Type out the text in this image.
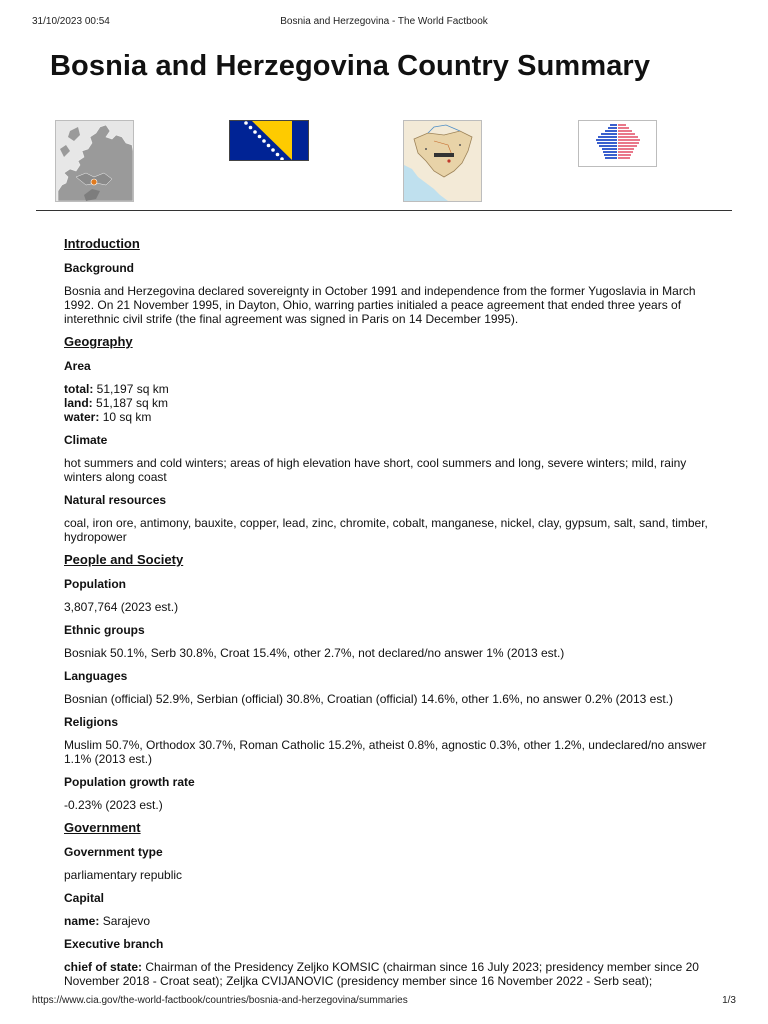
31/10/2023 00:54	Bosnia and Herzegovina - The World Factbook
Bosnia and Herzegovina Country Summary
Introduction
Background

Bosnia and Herzegovina declared sovereignty in October 1991 and independence from the former Yugoslavia in March 1992. On 21 November 1995, in Dayton, Ohio, warring parties initialed a peace agreement that ended three years of interethnic civil strife (the final agreement was signed in Paris on 14 December 1995).

Geography
Area
total: 51,197 sq km
land: 51,187 sq km
water: 10 sq km
Climate

hot summers and cold winters; areas of high elevation have short, cool summers and long, severe winters; mild, rainy winters along coast

Natural resources

coal, iron ore, antimony, bauxite, copper, lead, zinc, chromite, cobalt, manganese, nickel, clay, gypsum, salt, sand, timber, hydropower

People and Society
Population

3,807,764 (2023 est.)

Ethnic groups

Bosniak 50.1%, Serb 30.8%, Croat 15.4%, other 2.7%, not declared/no answer 1% (2013 est.)

Languages

Bosnian (official) 52.9%, Serbian (official) 30.8%, Croatian (official) 14.6%, other 1.6%, no answer 0.2% (2013 est.)

Religions

Muslim 50.7%, Orthodox 30.7%, Roman Catholic 15.2%, atheist 0.8%, agnostic 0.3%, other 1.2%, undeclared/no answer 1.1% (2013 est.)

Population growth rate

-0.23% (2023 est.)

Government
Government type

parliamentary republic

Capital

name: Sarajevo

Executive branch

chief of state: Chairman of the Presidency Zeljko KOMSIC (chairman since 16 July 2023; presidency member since 20 November 2018 - Croat seat); Zeljka CVIJANOVIC (presidency member since 16 November 2022 - Serb seat);

https://www.cia.gov/the-world-factbook/countries/bosnia-and-herzegovina/summaries	1/3
